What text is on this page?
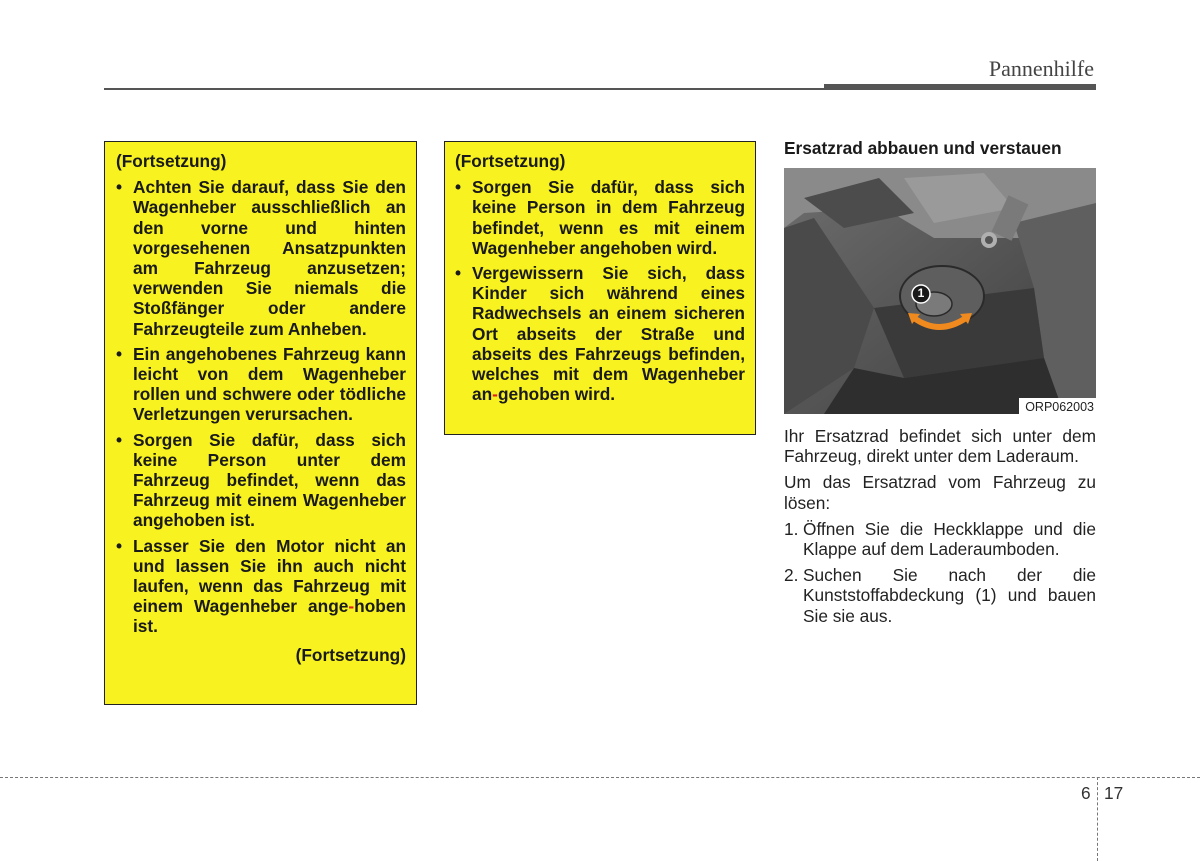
Pannenhilfe
(Fortsetzung)
• Achten Sie darauf, dass Sie den Wagenheber ausschließlich an den vorne und hinten vorgesehenen Ansatzpunkten am Fahrzeug anzusetzen; verwenden Sie niemals die Stoßfänger oder andere Fahrzeugteile zum Anheben.
• Ein angehobenes Fahrzeug kann leicht von dem Wagenheber rollen und schwere oder tödliche Verletzungen verursachen.
• Sorgen Sie dafür, dass sich keine Person unter dem Fahrzeug befindet, wenn das Fahrzeug mit einem Wagenheber angehoben ist.
• Lasser Sie den Motor nicht an und lassen Sie ihn auch nicht laufen, wenn das Fahrzeug mit einem Wagenheber ange-hoben ist.
(Fortsetzung)
(Fortsetzung)
• Sorgen Sie dafür, dass sich keine Person in dem Fahrzeug befindet, wenn es mit einem Wagenheber angehoben wird.
• Vergewissern Sie sich, dass Kinder sich während eines Radwechsels an einem sicheren Ort abseits der Straße und abseits des Fahrzeugs befinden, welches mit dem Wagenheber an-gehoben wird.
Ersatzrad abbauen und verstauen
1
ORP062003

Ihr Ersatzrad befindet sich unter dem Fahrzeug, direkt unter dem Laderaum.

Um das Ersatzrad vom Fahrzeug zu lösen:

1. Öffnen Sie die Heckklappe und die Klappe auf dem Laderaumboden.
2. Suchen Sie nach der die Kunststoffabdeckung (1) und bauen Sie sie aus.
6 17
